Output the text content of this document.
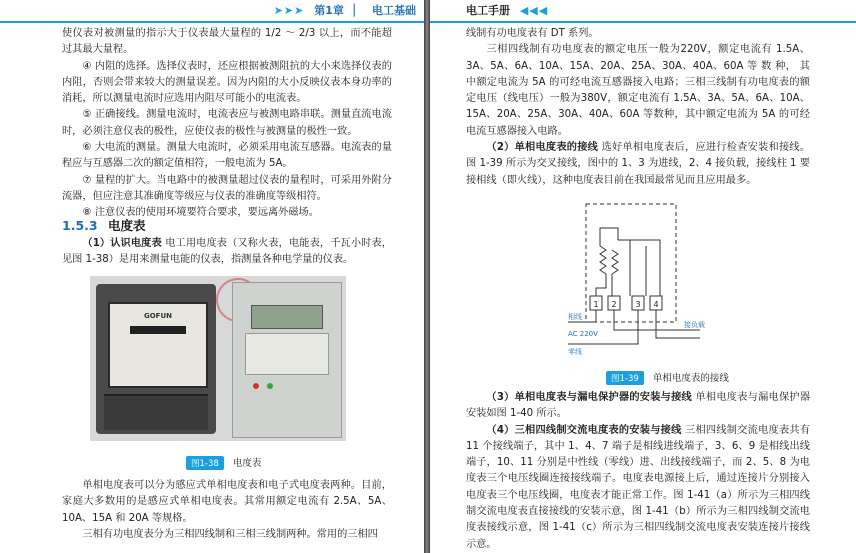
➤➤➤ 第1章 ▏ 电工基础

使仪表对被测量的指示大于仪表最大量程的 1/2 ～ 2/3 以上，而不能超过其最大量程。

④ 内阻的选择。选择仪表时，还应根据被测阻抗的大小来选择仪表的内阻，否则会带来较大的测量误差。因为内阻的大小反映仪表本身功率的消耗，所以测量电流时应选用内阻尽可能小的电流表。

⑤ 正确接线。测量电流时，电流表应与被测电路串联。测量直流电流时，必须注意仪表的极性，应使仪表的极性与被测量的极性一致。

⑥ 大电流的测量。测量大电流时，必须采用电流互感器。电流表的量程应与互感器二次的额定值相符，一般电流为 5A。

⑦ 量程的扩大。当电路中的被测量超过仪表的量程时，可采用外附分流器，但应注意其准确度等级应与仪表的准确度等级相符。

⑧ 注意仪表的使用环境要符合要求，要远离外磁场。

1.5.3 电度表

（1）认识电度表 电工用电度表（又称火表，电能表，千瓦小时表，见图 1-38）是用来测量电能的仪表，指测量各种电学量的仪表。

GOFUN
图1-38 电度表

单相电度表可以分为感应式单相电度表和电子式电度表两种。目前，家庭大多数用的是感应式单相电度表。其常用额定电流有 2.5A、5A、10A、15A 和 20A 等规格。

三相有功电度表分为三相四线制和三相三线制两种。常用的三相四

电工手册 ◀◀◀

线制有功电度表有 DT 系列。

三相四线制有功电度表的额定电压一般为220V，额定电流有 1.5A、3A、5A、6A、10A、15A、20A、25A、30A、40A、60A 等 数 种， 其中额定电流为 5A 的可经电流互感器接入电路；三相三线制有功电度表的额定电压（线电压）一般为380V，额定电流有 1.5A、3A、5A、6A、10A、15A、20A、25A、30A、40A、60A 等数种，其中额定电流为 5A 的可经电流互感器接入电路。

（2）单相电度表的接线 选好单相电度表后，应进行检查安装和接线。图 1-39 所示为交叉接线，图中的 1、3 为进线，2、4 接负载，接线柱 1 要接相线（即火线），这种电度表目前在我国最常见而且应用最多。

图1-39 单相电度表的接线

（3）单相电度表与漏电保护器的安装与接线 单相电度表与漏电保护器安装如图 1-40 所示。

（4）三相四线制交流电度表的安装与接线 三相四线制交流电度表共有 11 个接线端子，其中 1、4、7 端子是相线进线端子，3、6、9 是相线出线端子，10、11 分别是中性线（零线）进、出线接线端子，而 2、5、8 为电度表三个电压线圈连接接线端子。电度表电源接上后，通过连接片分别接入电度表三个电压线圈，电度表才能正常工作。图 1-41（a）所示为三相四线制交流电度表直接接线的安装示意，图 1-41（b）所示为三相四线制交流电度表接线示意，图 1-41（c）所示为三相四线制交流电度表安装连接片接线示意。

1 2 3 4
相线
AC 220V
零线
接负载
